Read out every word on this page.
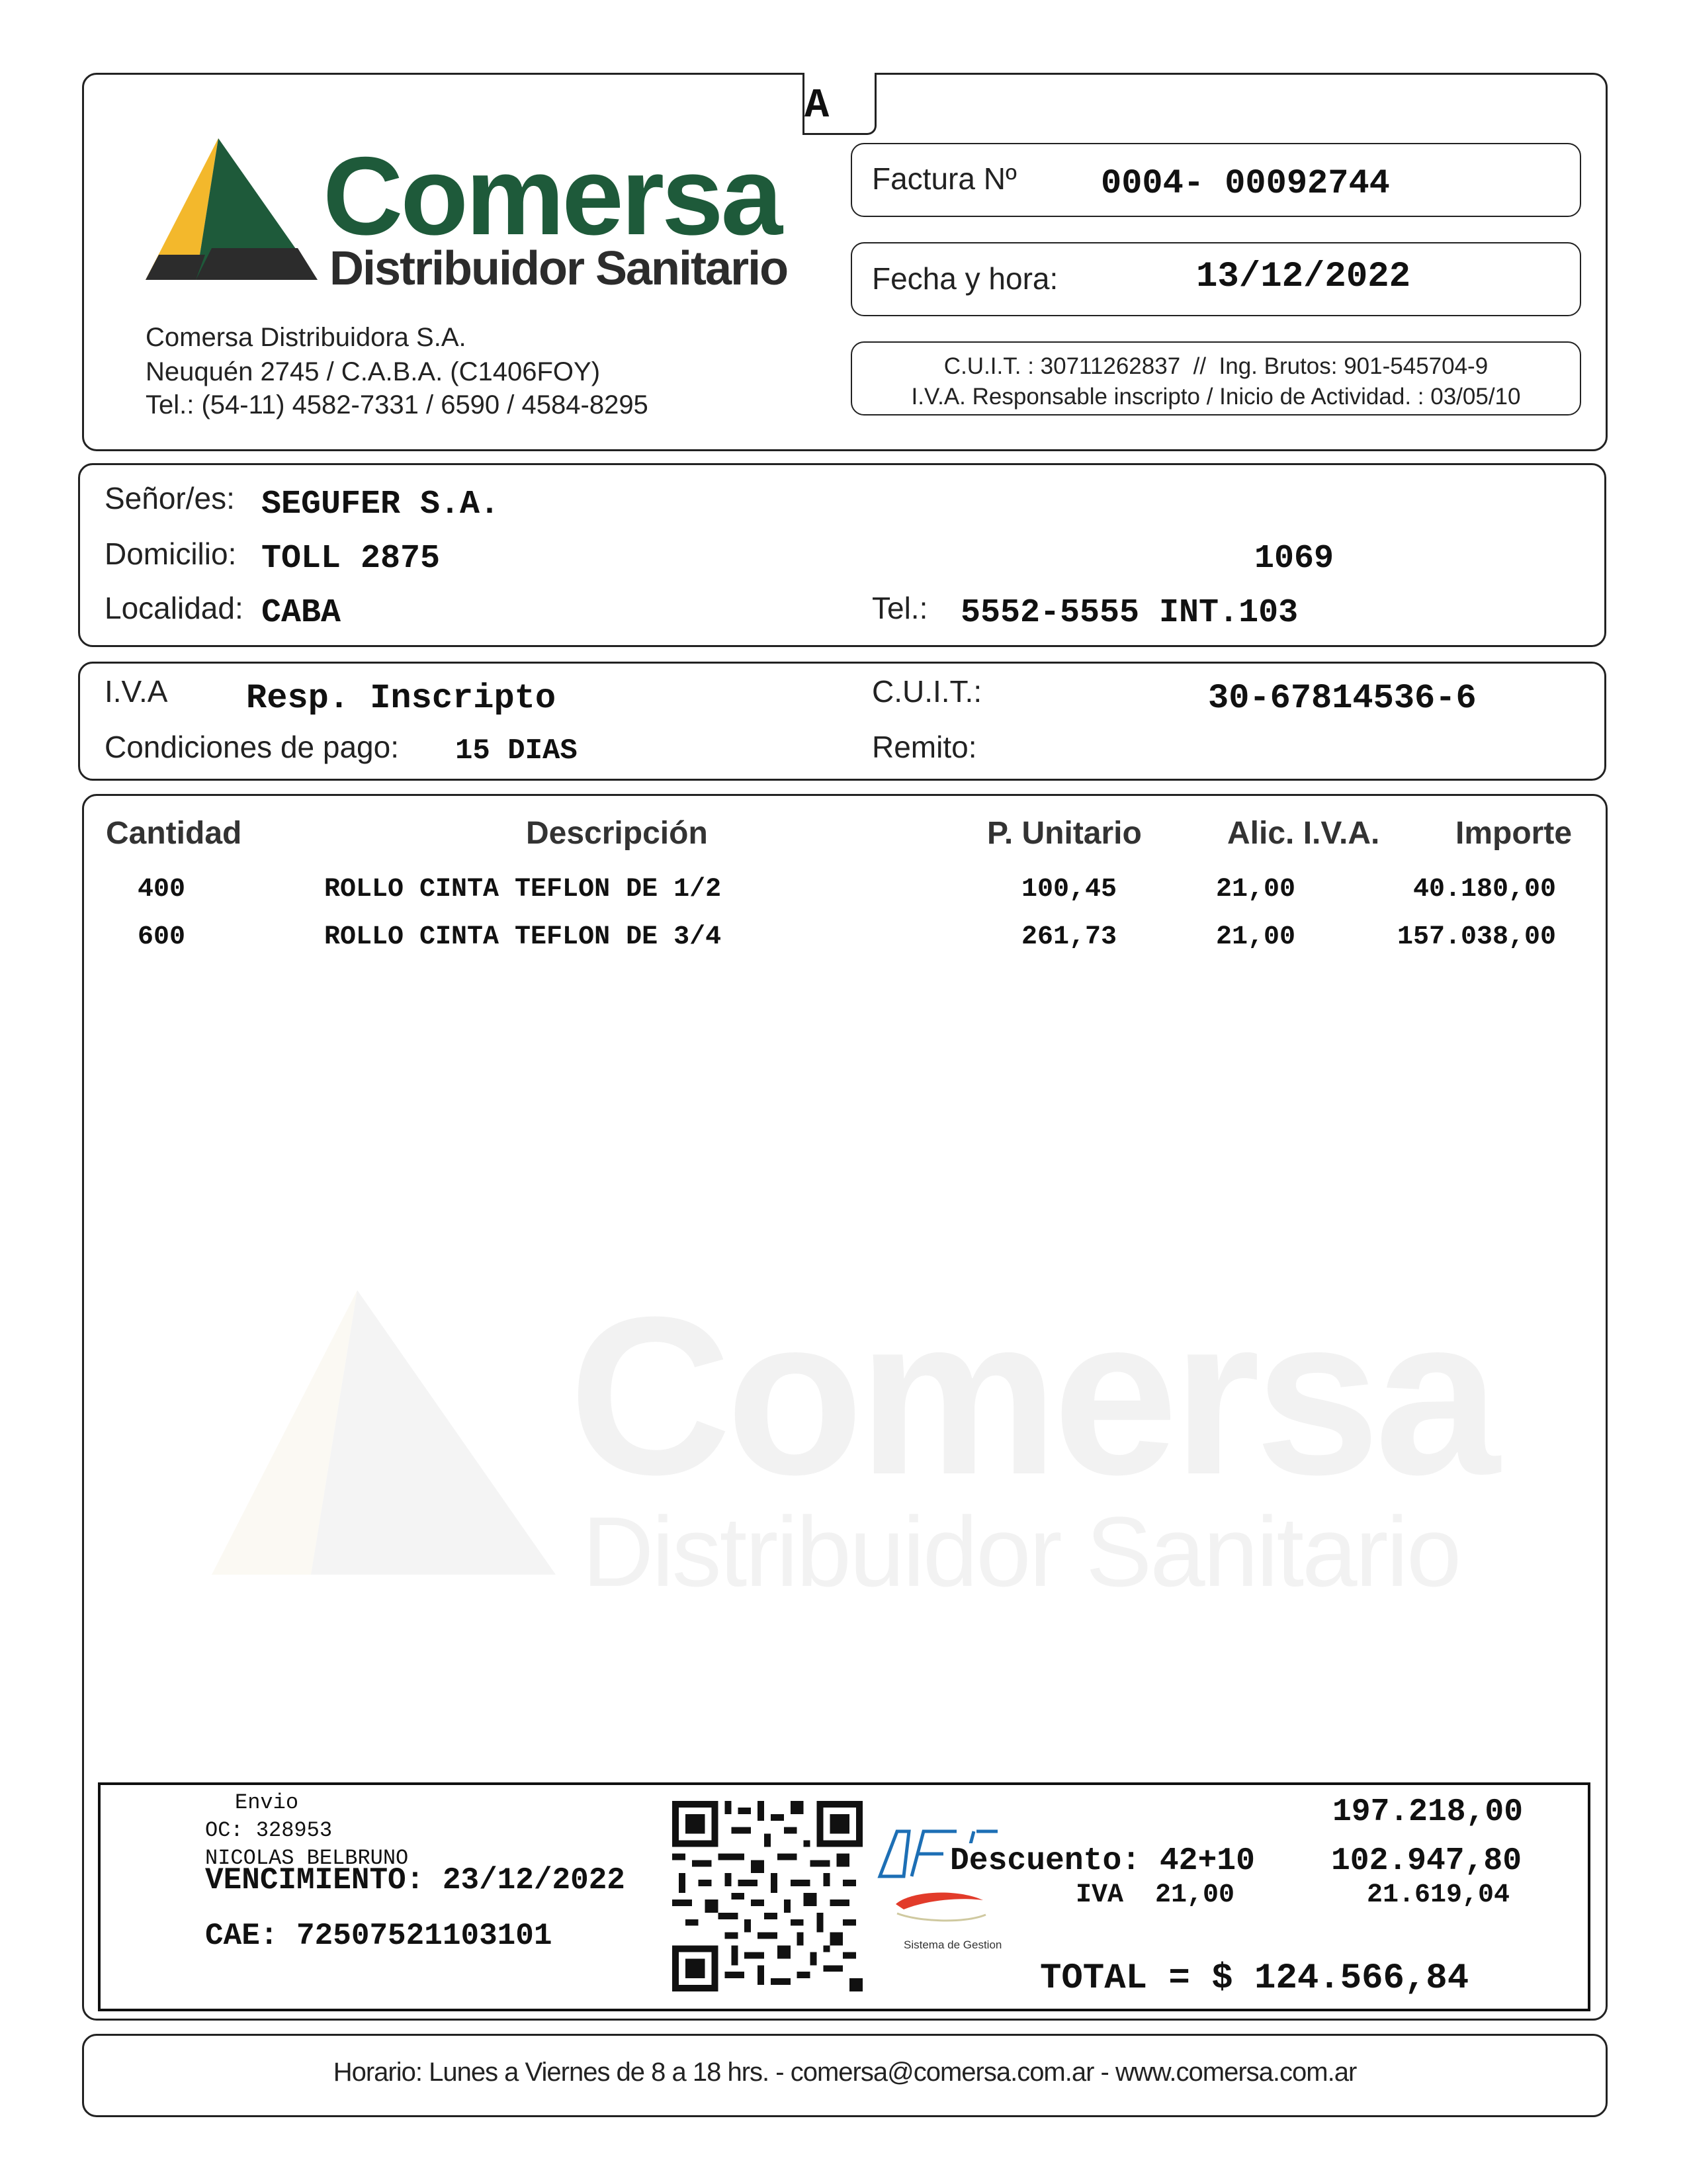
A
Comersa
Distribuidor Sanitario
Comersa Distribuidora S.A.
Neuquén 2745 / C.A.B.A. (C1406FOY)
Tel.: (54-11) 4582-7331 / 6590 / 4584-8295
Factura Nº 0004- 00092744
Fecha y hora:	13/12/2022
C.U.I.T. : 30711262837  //  Ing. Brutos: 901-545704-9
I.V.A. Responsable inscripto / Inicio de Actividad. : 03/05/10
Señor/es: SEGUFER S.A.
Domicilio: TOLL 2875	1069
Localidad: CABA	Tel.: 5552-5555 INT.103
I.V.A Resp. Inscripto	C.U.I.T.:	30-67814536-6
Condiciones de pago: 15 DIAS	Remito:
Cantidad	Descripción	P. Unitario	Alic. I.V.A. Importe
400	ROLLO CINTA TEFLON DE 1/2	100,45	21,00	40.180,00
600	ROLLO CINTA TEFLON DE 3/4	261,73	21,00	157.038,00
Comersa
Distribuidor Sanitario
Envio
OC: 328953
NICOLAS BELBRUNO
VENCIMIENTO: 23/12/2022
CAE: 72507521103101	Sistema de Gestion
197.218,00
Descuento: 42+10	102.947,80
IVA  21,00	21.619,04
TOTAL = $ 124.566,84
Horario: Lunes a Viernes de 8 a 18 hrs. - comersa@comersa.com.ar - www.comersa.com.ar
